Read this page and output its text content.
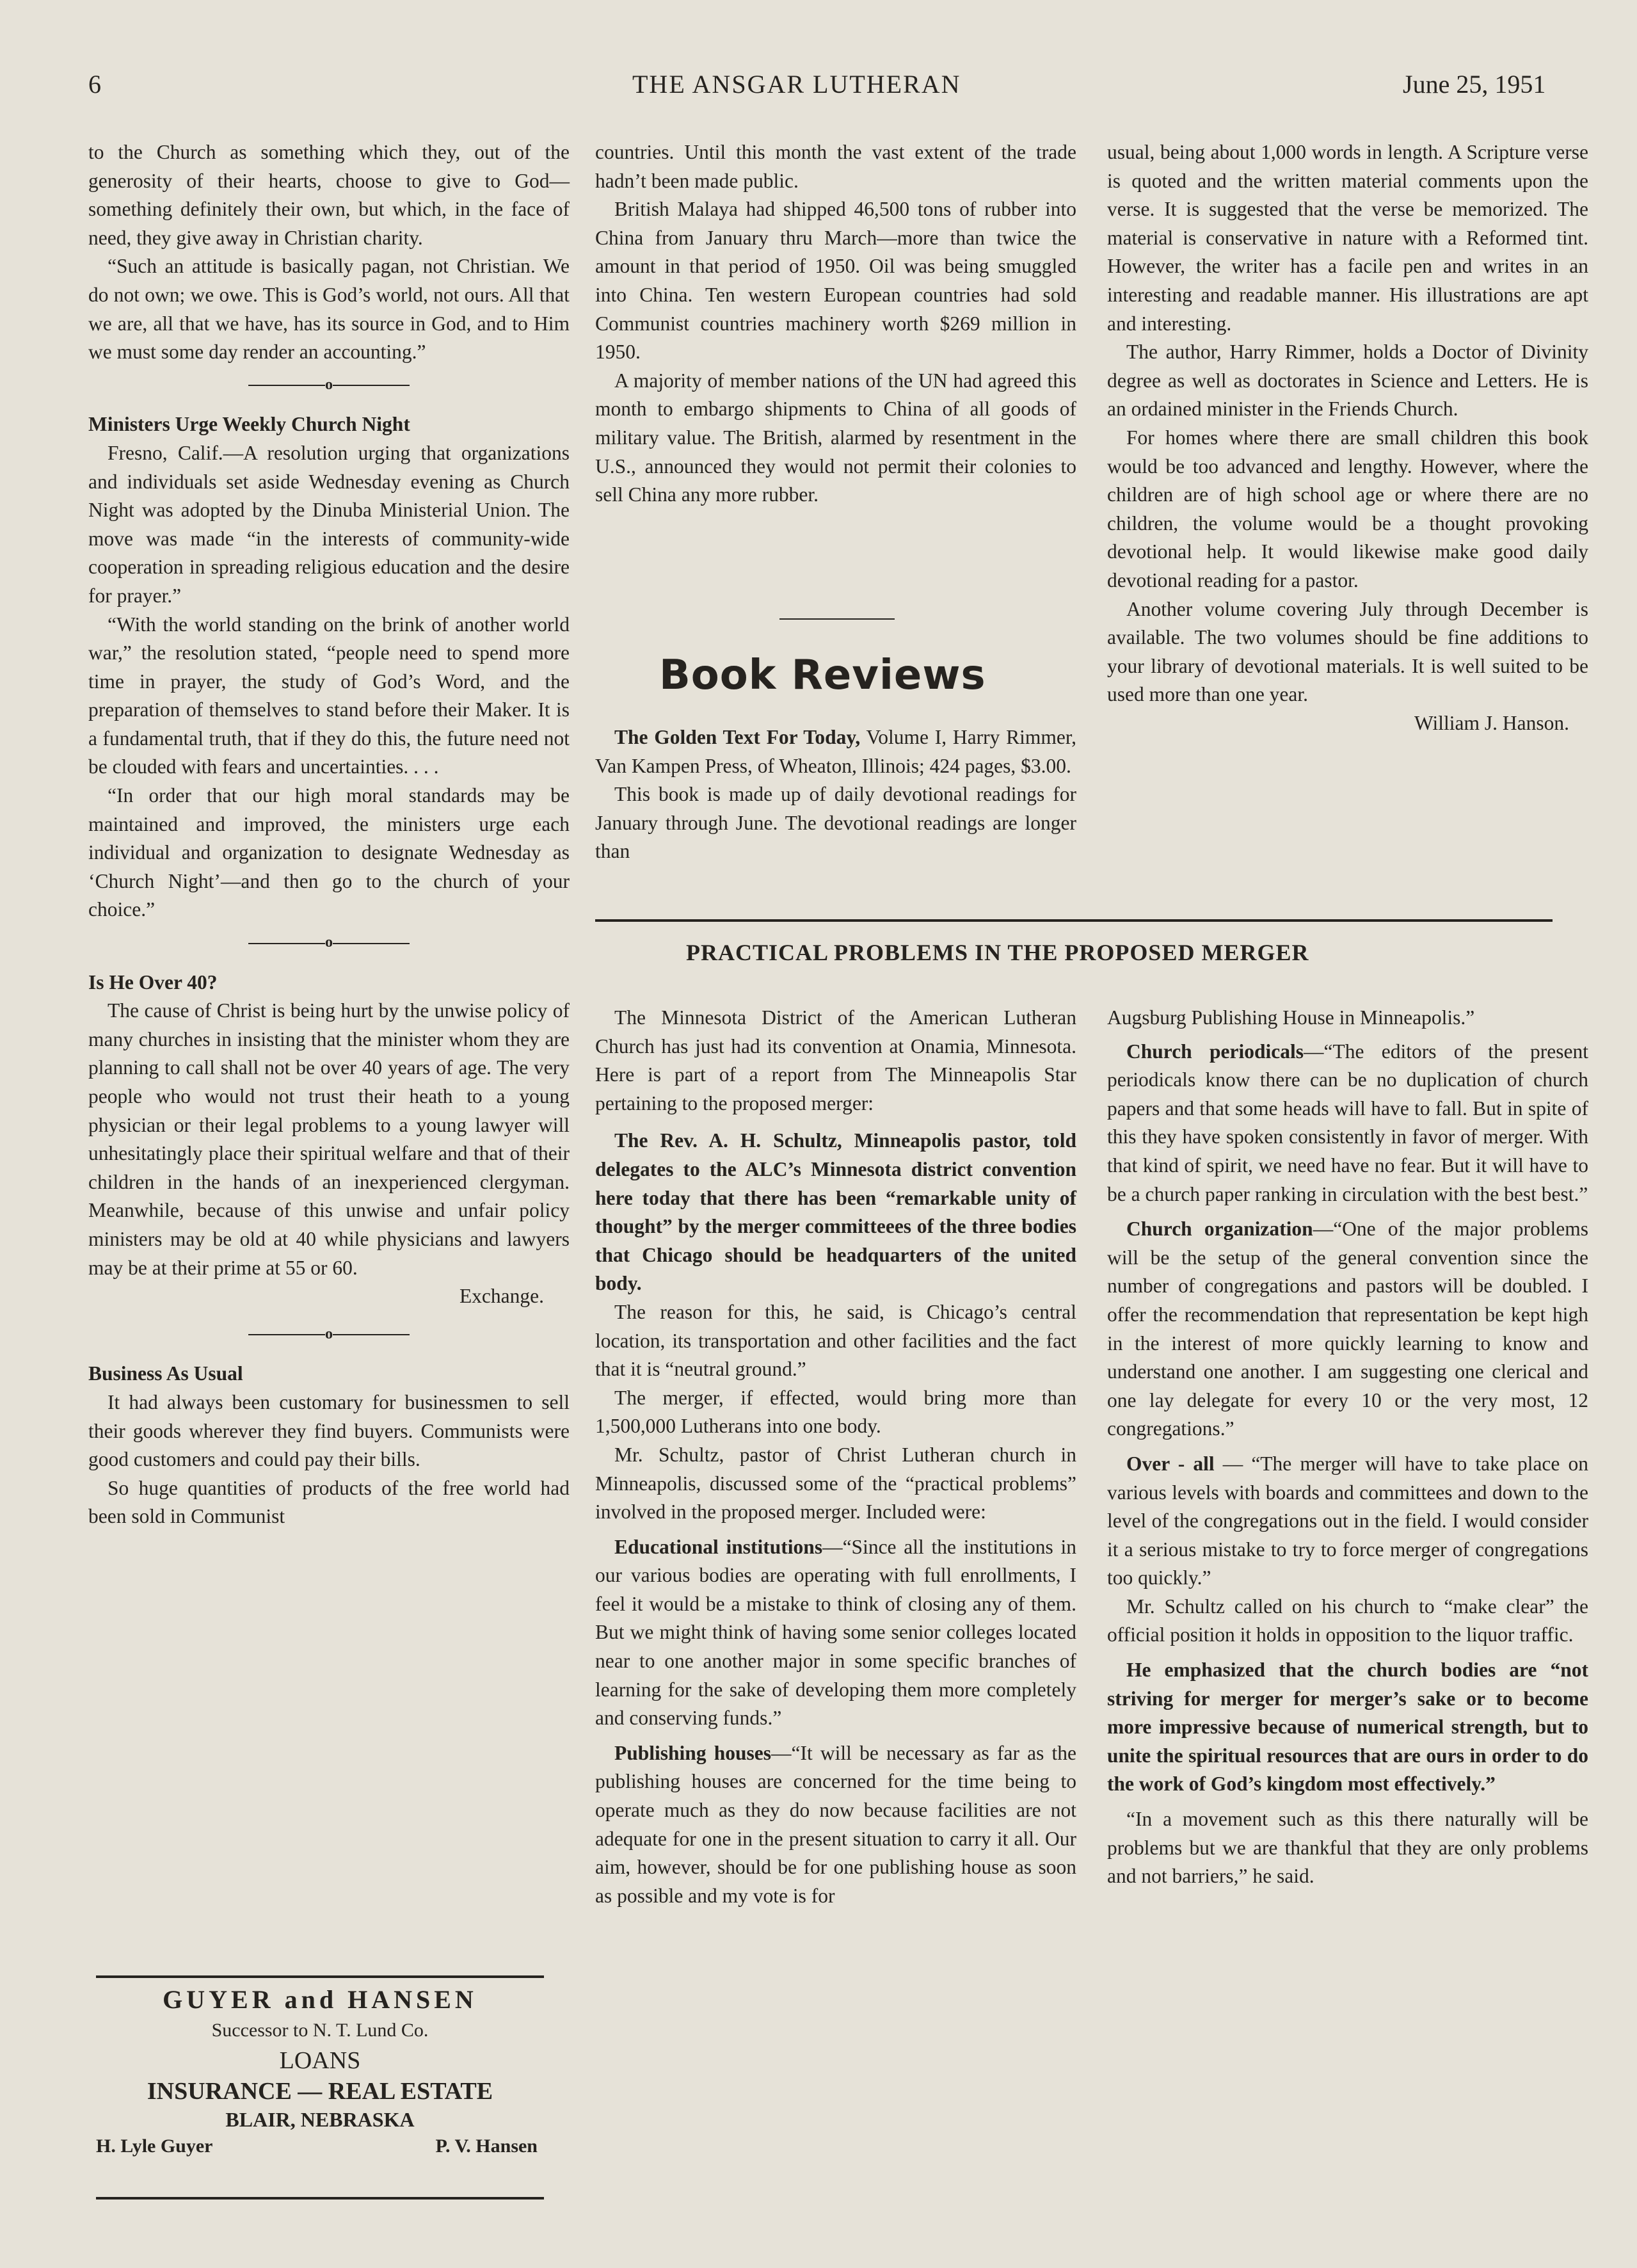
6	THE ANSGAR LUTHERAN	June 25, 1951

to the Church as something which they, out of the generosity of their hearts, choose to give to God—something definitely their own, but which, in the face of need, they give away in Christian charity.

“Such an attitude is basically pagan, not Christian. We do not own; we owe. This is God’s world, not ours. All that we are, all that we have, has its source in God, and to Him we must some day render an accounting.”

o
Ministers Urge Weekly Church Night

Fresno, Calif.—A resolution urging that organizations and individuals set aside Wednesday evening as Church Night was adopted by the Dinuba Ministerial Union. The move was made “in the interests of community-wide cooperation in spreading religious education and the desire for prayer.”

“With the world standing on the brink of another world war,” the resolution stated, “people need to spend more time in prayer, the study of God’s Word, and the preparation of themselves to stand before their Maker. It is a fundamental truth, that if they do this, the future need not be clouded with fears and uncertainties. . . .

“In order that our high moral standards may be maintained and improved, the ministers urge each individual and organization to designate Wednesday as ‘Church Night’—and then go to the church of your choice.”

o
Is He Over 40?

The cause of Christ is being hurt by the unwise policy of many churches in insisting that the minister whom they are planning to call shall not be over 40 years of age. The very people who would not trust their heath to a young physician or their legal problems to a young lawyer will unhesitatingly place their spiritual welfare and that of their children in the hands of an inexperienced clergyman. Meanwhile, because of this unwise and unfair policy ministers may be old at 40 while physicians and lawyers may be at their prime at 55 or 60.

Exchange.
o
Business As Usual

It had always been customary for businessmen to sell their goods wherever they find buyers. Communists were good customers and could pay their bills.

So huge quantities of products of the free world had been sold in Communist

GUYER and HANSEN
Successor to N. T. Lund Co.
LOANS
INSURANCE — REAL ESTATE
BLAIR, NEBRASKA
H. Lyle Guyer	P. V. Hansen

countries. Until this month the vast extent of the trade hadn’t been made public.

British Malaya had shipped 46,500 tons of rubber into China from January thru March—more than twice the amount in that period of 1950. Oil was being smuggled into China. Ten western European countries had sold Communist countries machinery worth $269 million in 1950.

A majority of member nations of the UN had agreed this month to embargo shipments to China of all goods of military value. The British, alarmed by resentment in the U.S., announced they would not permit their colonies to sell China any more rubber.

Book Reviews

The Golden Text For Today, Volume I, Harry Rimmer, Van Kampen Press, of Wheaton, Illinois; 424 pages, $3.00.

This book is made up of daily devotional readings for January through June. The devotional readings are longer than

usual, being about 1,000 words in length. A Scripture verse is quoted and the written material comments upon the verse. It is suggested that the verse be memorized. The material is conservative in nature with a Reformed tint. However, the writer has a facile pen and writes in an interesting and readable manner. His illustrations are apt and interesting.

The author, Harry Rimmer, holds a Doctor of Divinity degree as well as doctorates in Science and Letters. He is an ordained minister in the Friends Church.

For homes where there are small children this book would be too advanced and lengthy. However, where the children are of high school age or where there are no children, the volume would be a thought provoking devotional help. It would likewise make good daily devotional reading for a pastor.

Another volume covering July through December is available. The two volumes should be fine additions to your library of devotional materials. It is well suited to be used more than one year.

William J. Hanson.
PRACTICAL PROBLEMS IN THE PROPOSED MERGER

The Minnesota District of the American Lutheran Church has just had its convention at Onamia, Minnesota. Here is part of a report from The Minneapolis Star pertaining to the proposed merger:

The Rev. A. H. Schultz, Minneapolis pastor, told delegates to the ALC’s Minnesota district convention here today that there has been “remarkable unity of thought” by the merger committeees of the three bodies that Chicago should be headquarters of the united body.

The reason for this, he said, is Chicago’s central location, its transportation and other facilities and the fact that it is “neutral ground.”

The merger, if effected, would bring more than 1,500,000 Lutherans into one body.

Mr. Schultz, pastor of Christ Lutheran church in Minneapolis, discussed some of the “practical problems” involved in the proposed merger. Included were:

Educational institutions—“Since all the institutions in our various bodies are operating with full enrollments, I feel it would be a mistake to think of closing any of them. But we might think of having some senior colleges located near to one another major in some specific branches of learning for the sake of developing them more completely and conserving funds.”

Publishing houses—“It will be necessary as far as the publishing houses are concerned for the time being to operate much as they do now because facilities are not adequate for one in the present situation to carry it all. Our aim, however, should be for one publishing house as soon as possible and my vote is for

Augsburg Publishing House in Minneapolis.”

Church periodicals—“The editors of the present periodicals know there can be no duplication of church papers and that some heads will have to fall. But in spite of this they have spoken consistently in favor of merger. With that kind of spirit, we need have no fear. But it will have to be a church paper ranking in circulation with the best best.”

Church organization—“One of the major problems will be the setup of the general convention since the number of congregations and pastors will be doubled. I offer the recommendation that representation be kept high in the interest of more quickly learning to know and understand one another. I am suggesting one clerical and one lay delegate for every 10 or the very most, 12 congregations.”

Over - all — “The merger will have to take place on various levels with boards and committees and down to the level of the congregations out in the field. I would consider it a serious mistake to try to force merger of congregations too quickly.”

Mr. Schultz called on his church to “make clear” the official position it holds in opposition to the liquor traffic.

He emphasized that the church bodies are “not striving for merger for merger’s sake or to become more impressive because of numerical strength, but to unite the spiritual resources that are ours in order to do the work of God’s kingdom most effectively.”

“In a movement such as this there naturally will be problems but we are thankful that they are only problems and not barriers,” he said.
